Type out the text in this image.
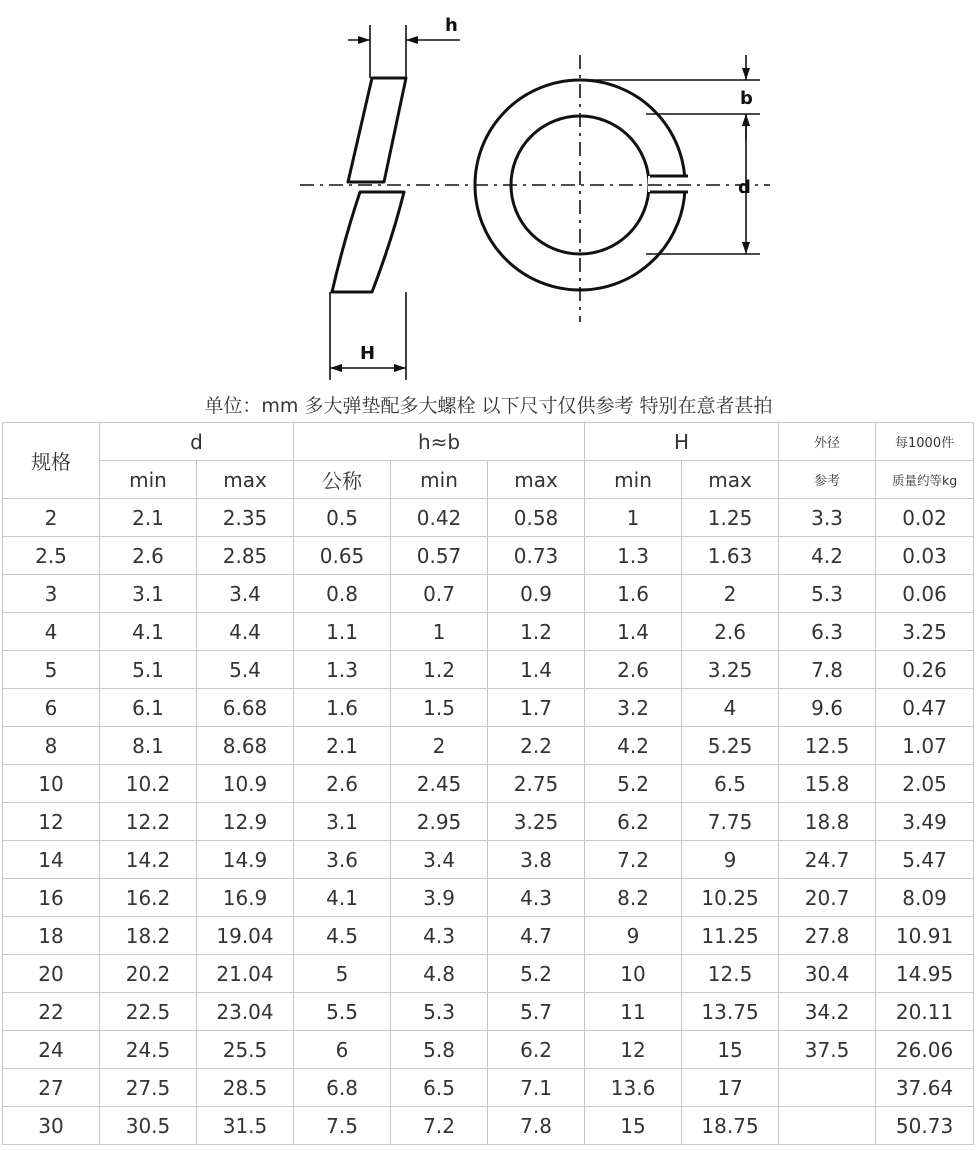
h
b
d
H
单位：mm 多大弹垫配多大螺栓 以下尺寸仅供参考 特别在意者甚拍
规格	d		h≈b			H		外径	每1000件
	min	max	公称	min	max	min	max	参考	质量约等kg
2	2.1	2.35	0.5	0.42	0.58	1	1.25	3.3	0.02
2.5	2.6	2.85	0.65	0.57	0.73	1.3	1.63	4.2	0.03
3	3.1	3.4	0.8	0.7	0.9	1.6	2	5.3	0.06
4	4.1	4.4	1.1	1	1.2	1.4	2.6	6.3	3.25
5	5.1	5.4	1.3	1.2	1.4	2.6	3.25	7.8	0.26
6	6.1	6.68	1.6	1.5	1.7	3.2	4	9.6	0.47
8	8.1	8.68	2.1	2	2.2	4.2	5.25	12.5	1.07
10	10.2	10.9	2.6	2.45	2.75	5.2	6.5	15.8	2.05
12	12.2	12.9	3.1	2.95	3.25	6.2	7.75	18.8	3.49
14	14.2	14.9	3.6	3.4	3.8	7.2	9	24.7	5.47
16	16.2	16.9	4.1	3.9	4.3	8.2	10.25	20.7	8.09
18	18.2	19.04	4.5	4.3	4.7	9	11.25	27.8	10.91
20	20.2	21.04	5	4.8	5.2	10	12.5	30.4	14.95
22	22.5	23.04	5.5	5.3	5.7	11	13.75	34.2	20.11
24	24.5	25.5	6	5.8	6.2	12	15	37.5	26.06
27	27.5	28.5	6.8	6.5	7.1	13.6	17		37.64
30	30.5	31.5	7.5	7.2	7.8	15	18.75		50.73
